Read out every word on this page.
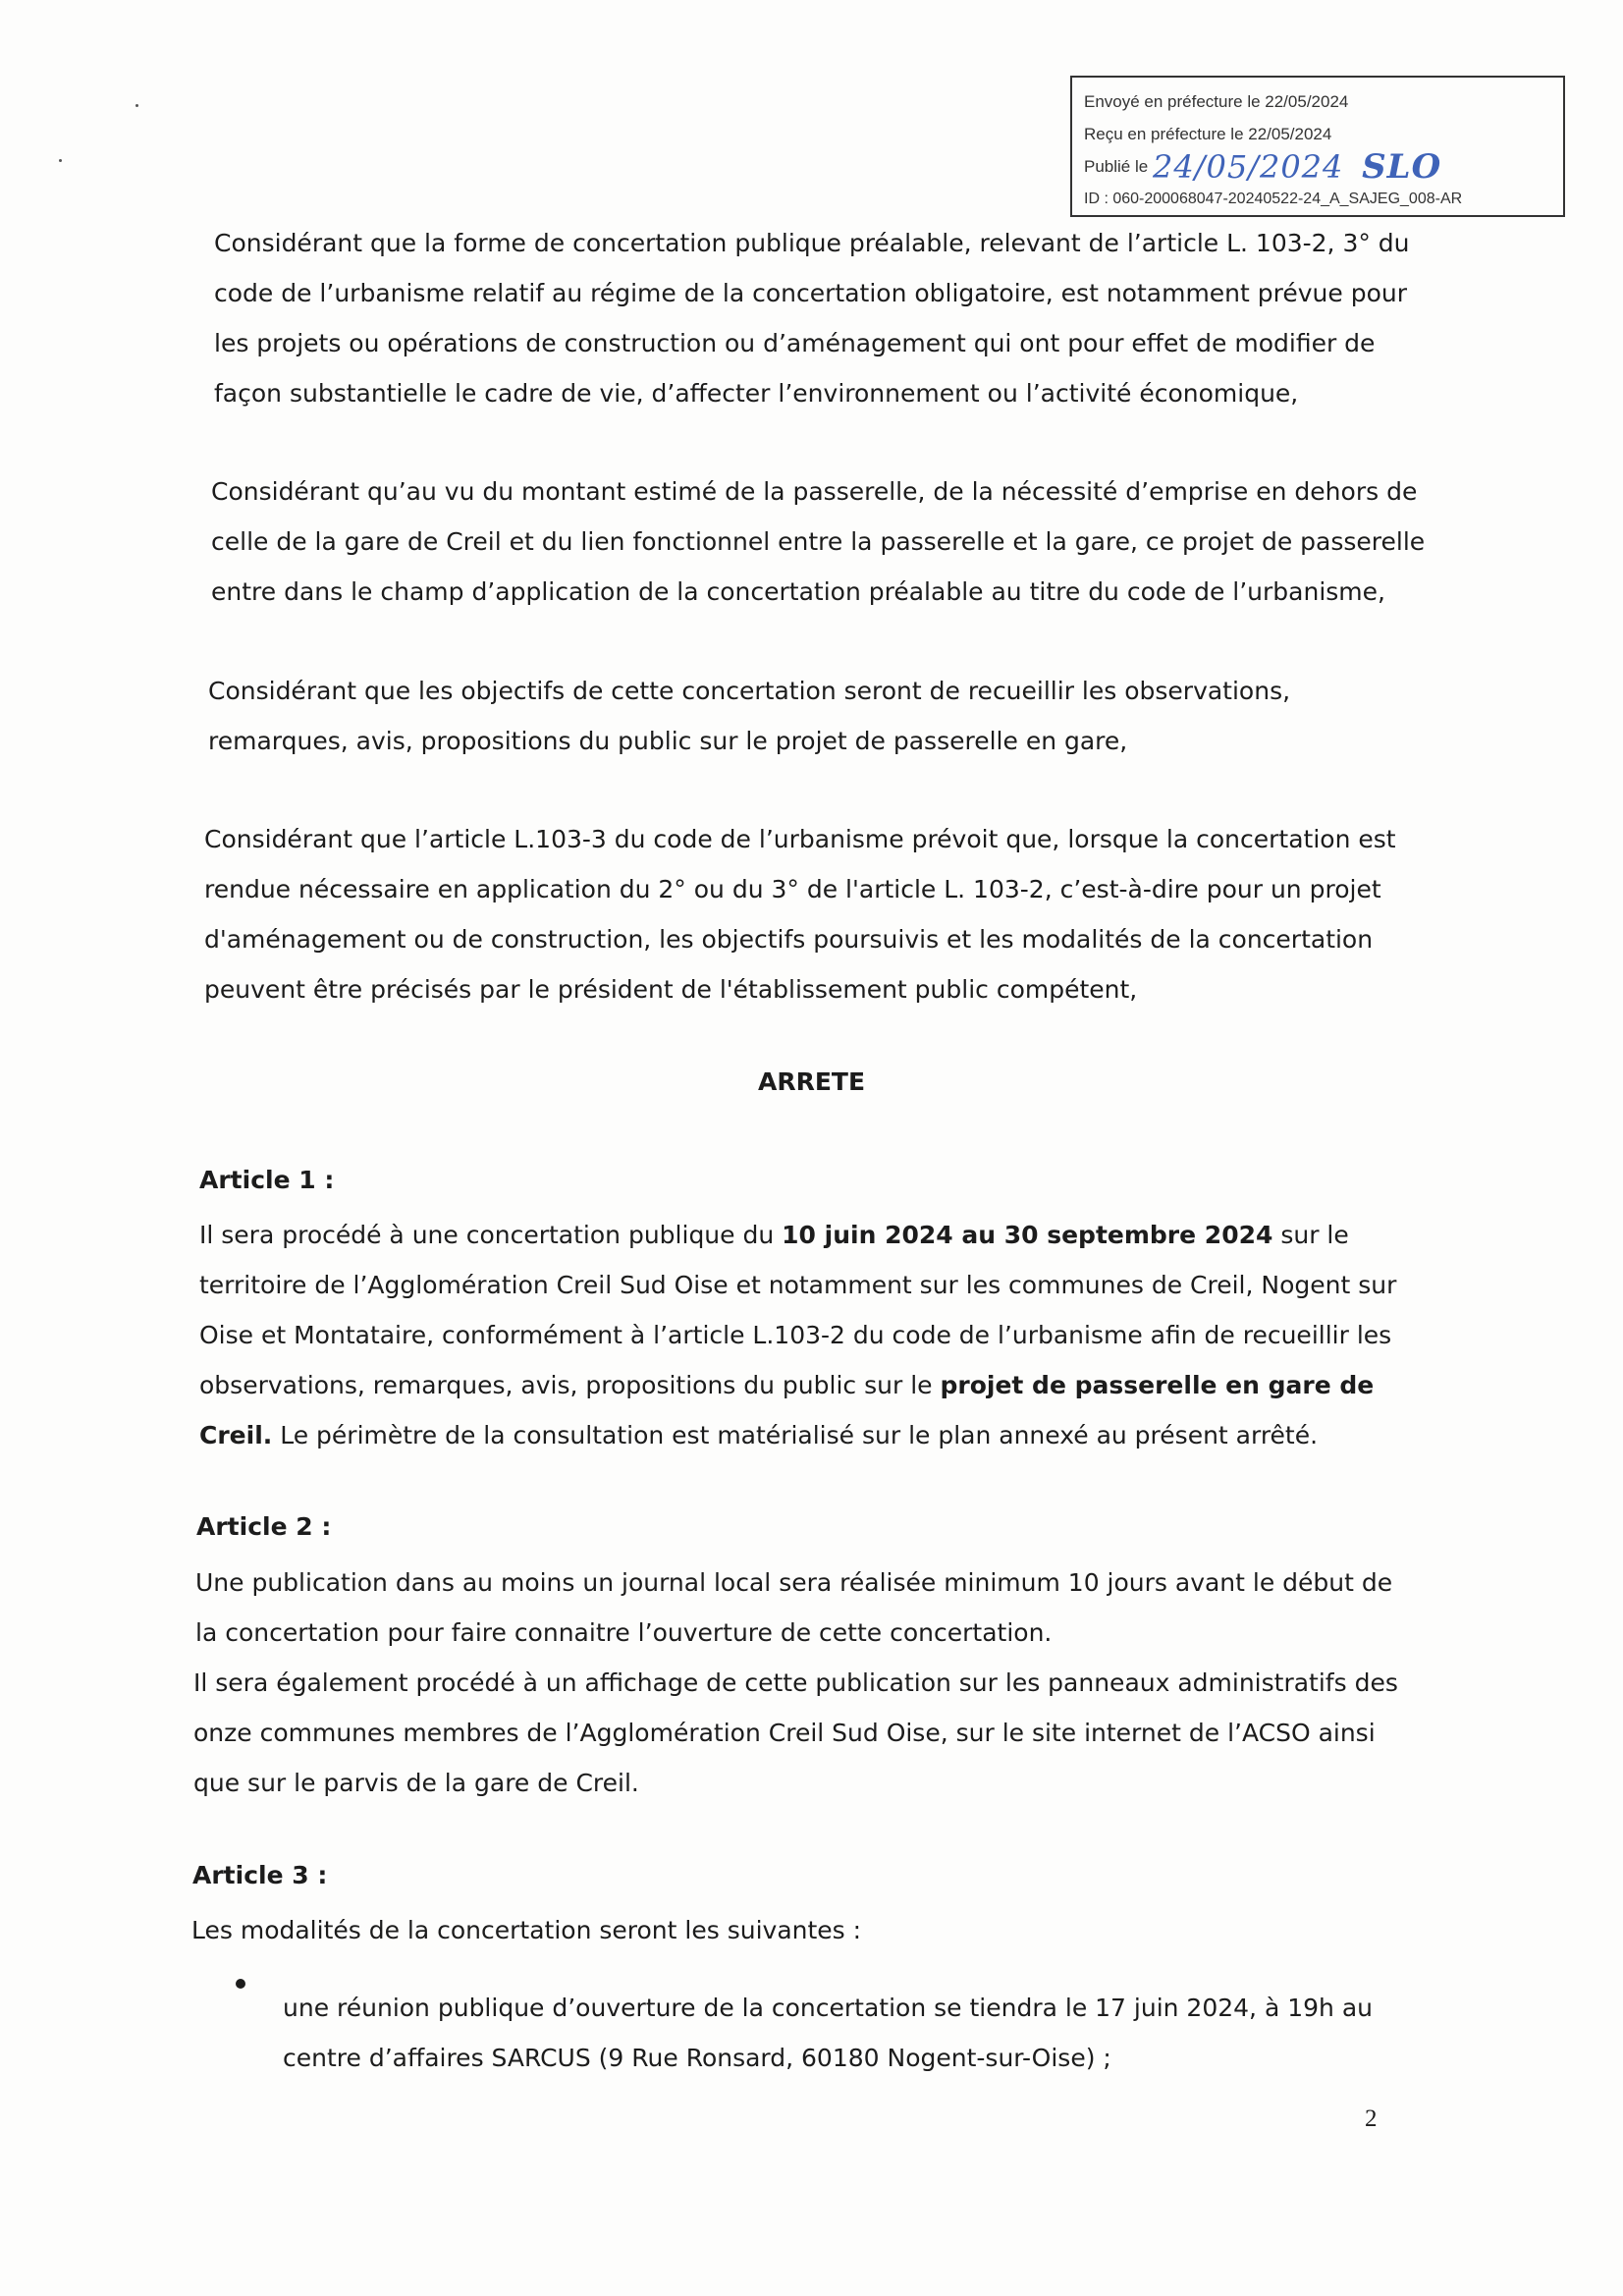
Envoyé en préfecture le 22/05/2024
Reçu en préfecture le 22/05/2024
Publié le 24/05/2024 SLO
ID : 060-200068047-20240522-24_A_SAJEG_008-AR

Considérant que la forme de concertation publique préalable, relevant de l’article L. 103-2, 3° du code de l’urbanisme relatif au régime de la concertation obligatoire, est notamment prévue pour les projets ou opérations de construction ou d’aménagement qui ont pour effet de modifier de façon substantielle le cadre de vie, d’affecter l’environnement ou l’activité économique,

Considérant qu’au vu du montant estimé de la passerelle, de la nécessité d’emprise en dehors de celle de la gare de Creil et du lien fonctionnel entre la passerelle et la gare, ce projet de passerelle entre dans le champ d’application de la concertation préalable au titre du code de l’urbanisme,

Considérant que les objectifs de cette concertation seront de recueillir les observations, remarques, avis, propositions du public sur le projet de passerelle en gare,

Considérant que l’article L.103-3 du code de l’urbanisme prévoit que, lorsque la concertation est rendue nécessaire en application du 2° ou du 3° de l'article L. 103-2, c’est-à-dire pour un projet d'aménagement ou de construction, les objectifs poursuivis et les modalités de la concertation peuvent être précisés par le président de l'établissement public compétent,

ARRETE
Article 1 :

Il sera procédé à une concertation publique du 10 juin 2024 au 30 septembre 2024 sur le territoire de l’Agglomération Creil Sud Oise et notamment sur les communes de Creil, Nogent sur Oise et Montataire, conformément à l’article L.103-2 du code de l’urbanisme afin de recueillir les observations, remarques, avis, propositions du public sur le projet de passerelle en gare de Creil. Le périmètre de la consultation est matérialisé sur le plan annexé au présent arrêté.

Article 2 :

Une publication dans au moins un journal local sera réalisée minimum 10 jours avant le début de la concertation pour faire connaitre l’ouverture de cette concertation.

Il sera également procédé à un affichage de cette publication sur les panneaux administratifs des onze communes membres de l’Agglomération Creil Sud Oise, sur le site internet de l’ACSO ainsi que sur le parvis de la gare de Creil.

Article 3 :

Les modalités de la concertation seront les suivantes :

une réunion publique d’ouverture de la concertation se tiendra le 17 juin 2024, à 19h au centre d’affaires SARCUS (9 Rue Ronsard, 60180 Nogent-sur-Oise) ;

2
